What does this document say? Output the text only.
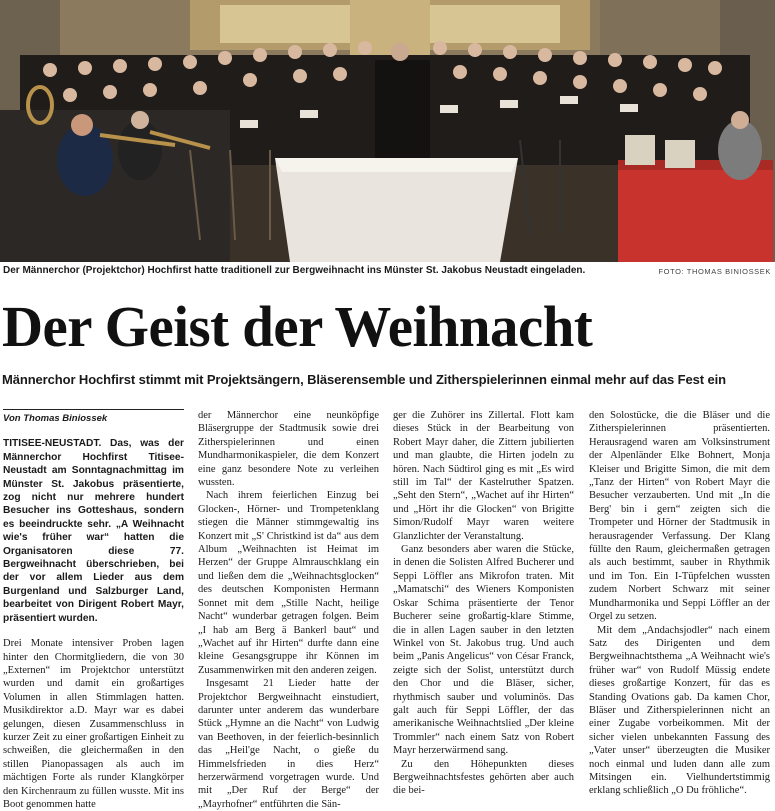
Der Männerchor (Projektchor) Hochfirst hatte traditionell zur Bergweihnacht ins Münster St. Jakobus Neustadt eingeladen.	FOTO: THOMAS BINIOSSEK
Der Geist der Weihnacht
Männerchor Hochfirst stimmt mit Projektsängern, Bläserensemble und Zitherspielerinnen einmal mehr auf das Fest ein
Von Thomas Biniossek

TITISEE-NEUSTADT. Das, was der Männerchor Hochfirst Titisee-Neustadt am Sonntagnachmittag im Münster St. Jakobus präsentierte, zog nicht nur mehrere hundert Besucher ins Gotteshaus, sondern es beeindruckte sehr. „A Weihnacht wie's früher war“ hatten die Organisatoren diese 77. Bergweihnacht überschrieben, bei der vor allem Lieder aus dem Burgenland und Salzburger Land, bearbeitet von Dirigent Robert Mayr, präsentiert wurden.

Drei Monate intensiver Proben lagen hinter den Chormitgliedern, die von 30 „Externen“ im Projektchor unterstützt wurden und damit ein großartiges Volumen in allen Stimmlagen hatten. Musikdirektor a.D. Mayr war es dabei gelungen, diesen Zusammenschluss in kurzer Zeit zu einer großartigen Einheit zu schweißen, die gleichermaßen in den stillen Pianopassagen als auch im mächtigen Forte als runder Klangkörper den Kirchenraum zu füllen wusste. Mit ins Boot genommen hatte

der Männerchor eine neunköpfige Bläsergruppe der Stadtmusik sowie drei Zitherspielerinnen und einen Mundharmonikaspieler, die dem Konzert eine ganz besondere Note zu verleihen wussten.

Nach ihrem feierlichen Einzug bei Glocken-, Hörner- und Trompetenklang stiegen die Männer stimmgewaltig ins Konzert mit „S' Christkind ist da“ aus dem Album „Weihnachten ist Heimat im Herzen“ der Gruppe Almrauschklang ein und ließen dem die „Weihnachtsglocken“ des deutschen Komponisten Hermann Sonnet mit dem „Stille Nacht, heilige Nacht“ wunderbar getragen folgen. Beim „I hab am Berg ä Bankerl baut“ und „Wachet auf ihr Hirten“ durfte dann eine kleine Gesangsgruppe ihr Können im Zusammenwirken mit den anderen zeigen.

Insgesamt 21 Lieder hatte der Projektchor Bergweihnacht einstudiert, darunter unter anderem das wunderbare Stück „Hymne an die Nacht“ von Ludwig van Beethoven, in der feierlich-besinnlich das „Heil'ge Nacht, o gieße du Himmelsfrieden in dies Herz“ herzerwärmend vorgetragen wurde. Und mit „Der Ruf der Berge“ der „Mayrhofner“ entführten die Sän-

ger die Zuhörer ins Zillertal. Flott kam dieses Stück in der Bearbeitung von Robert Mayr daher, die Zittern jubilierten und man glaubte, die Hirten jodeln zu hören. Nach Südtirol ging es mit „Es wird still im Tal“ der Kastelruther Spatzen. „Seht den Stern“, „Wachet auf ihr Hirten“ und „Hört ihr die Glocken“ von Brigitte Simon/Rudolf Mayr waren weitere Glanzlichter der Veranstaltung.

Ganz besonders aber waren die Stücke, in denen die Solisten Alfred Bucherer und Seppi Löffler ans Mikrofon traten. Mit „Mamatschi“ des Wieners Komponisten Oskar Schima präsentierte der Tenor Bucherer seine großartig-klare Stimme, die in allen Lagen sauber in den letzten Winkel von St. Jakobus trug. Und auch beim „Panis Angelicus“ von César Franck, zeigte sich der Solist, unterstützt durch den Chor und die Bläser, sicher, rhythmisch sauber und voluminös. Das galt auch für Seppi Löffler, der das amerikanische Weihnachtslied „Der kleine Trommler“ nach einem Satz von Robert Mayr herzerwärmend sang.

Zu den Höhepunkten dieses Bergweihnachtsfestes gehörten aber auch die bei-

den Solostücke, die die Bläser und die Zitherspielerinnen präsentierten. Herausragend waren am Volksinstrument der Alpenländer Elke Bohnert, Monja Kleiser und Brigitte Simon, die mit dem „Tanz der Hirten“ von Robert Mayr die Besucher verzauberten. Und mit „In die Berg' bin i gern“ zeigten sich die Trompeter und Hörner der Stadtmusik in herausragender Verfassung. Der Klang füllte den Raum, gleichermaßen getragen als auch bestimmt, sauber in Rhythmik und im Ton. Ein I-Tüpfelchen wussten zudem Norbert Schwarz mit seiner Mundharmonika und Seppi Löffler an der Orgel zu setzen.

Mit dem „Andachsjodler“ nach einem Satz des Dirigenten und dem Bergweihnachtsthema „A Weihnacht wie's früher war“ von Rudolf Müssig endete dieses großartige Konzert, für das es Standing Ovations gab. Da kamen Chor, Bläser und Zitherspielerinnen nicht an einer Zugabe vorbeikommen. Mit der sicher vielen unbekannten Fassung des „Vater unser“ überzeugten die Musiker noch einmal und luden dann alle zum Mitsingen ein. Vielhundertstimmig erklang schließlich „O Du fröhliche“.
